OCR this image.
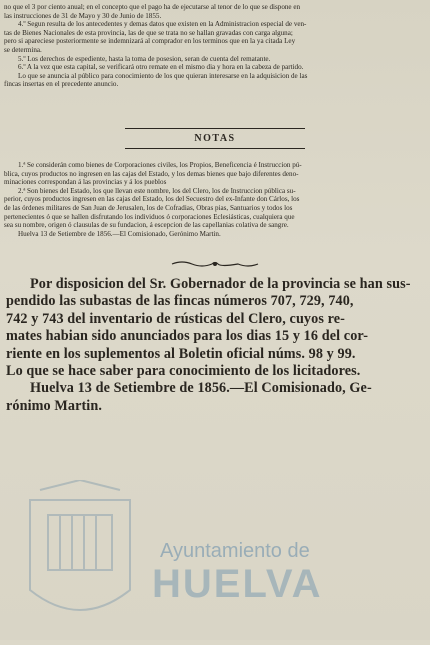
no que el 3 por ciento anual; en el concepto que el pago ha de ejecutarse al tenor de lo que se dispone en

las instrucciones de 31 de Mayo y 30 de Junio de 1855.

4.º Segun resulta de los antecedentes y demas datos que existen en la Administracion especial de ven-

tas de Bienes Nacionales de esta provincia, las de que se trata no se hallan gravadas con carga alguna;

pero si apareciese posteriormente se indemnizará al comprador en los terminos que en la ya citada Ley

se determina.

5.º Los derechos de espediente, hasta la toma de posesion, seran de cuenta del rematante.

6.º A la vez que esta capital, se verificará otro remate en el mismo dia y hora en la cabeza de partido.

Lo que se anuncia al público para conocimiento de los que quieran interesarse en la adquisicion de las

fincas insertas en el precedente anuncio.

NOTAS

1.ª Se considerán como bienes de Corporaciones civiles, los Propios, Beneficencia é Instruccion pú-

blica, cuyos productos no ingresen en las cajas del Estado, y los demas bienes que bajo diferentes deno-

minaciones correspondan á las provincias y á los pueblos

2.ª Son bienes del Estado, los que llevan este nombre, los del Clero, los de Instruccion pública su-

perior, cuyos productos ingresen en las cajas del Estado, los del Secuestro del ex-Infante don Cárlos, los

de las órdenes militares de San Juan de Jerusalen, los de Cofradias, Obras pias, Santuarios y todos los

pertenecientes ó que se hallen disfrutando los individuos ó corporaciones Eclesiásticas, cualquiera que

sea su nombre, origen ó clausulas de su fundacion, á escepcion de las capellanias colativa de sangre.

Huelva 13 de Setiembre de 1856.—El Comisionado, Gerónimo Martin.

Por disposicion del Sr. Gobernador de la provincia se han sus-

pendido las subastas de las fincas números 707, 729, 740,

742 y 743 del inventario de rústicas del Clero, cuyos re-

mates habian sido anunciados para los dias 15 y 16 del cor-

riente en los suplementos al Boletin oficial núms. 98 y 99.

Lo que se hace saber para conocimiento de los licitadores.

Huelva 13 de Setiembre de 1856.—El Comisionado, Ge-

rónimo Martin.

Ayuntamiento de
HUELVA
